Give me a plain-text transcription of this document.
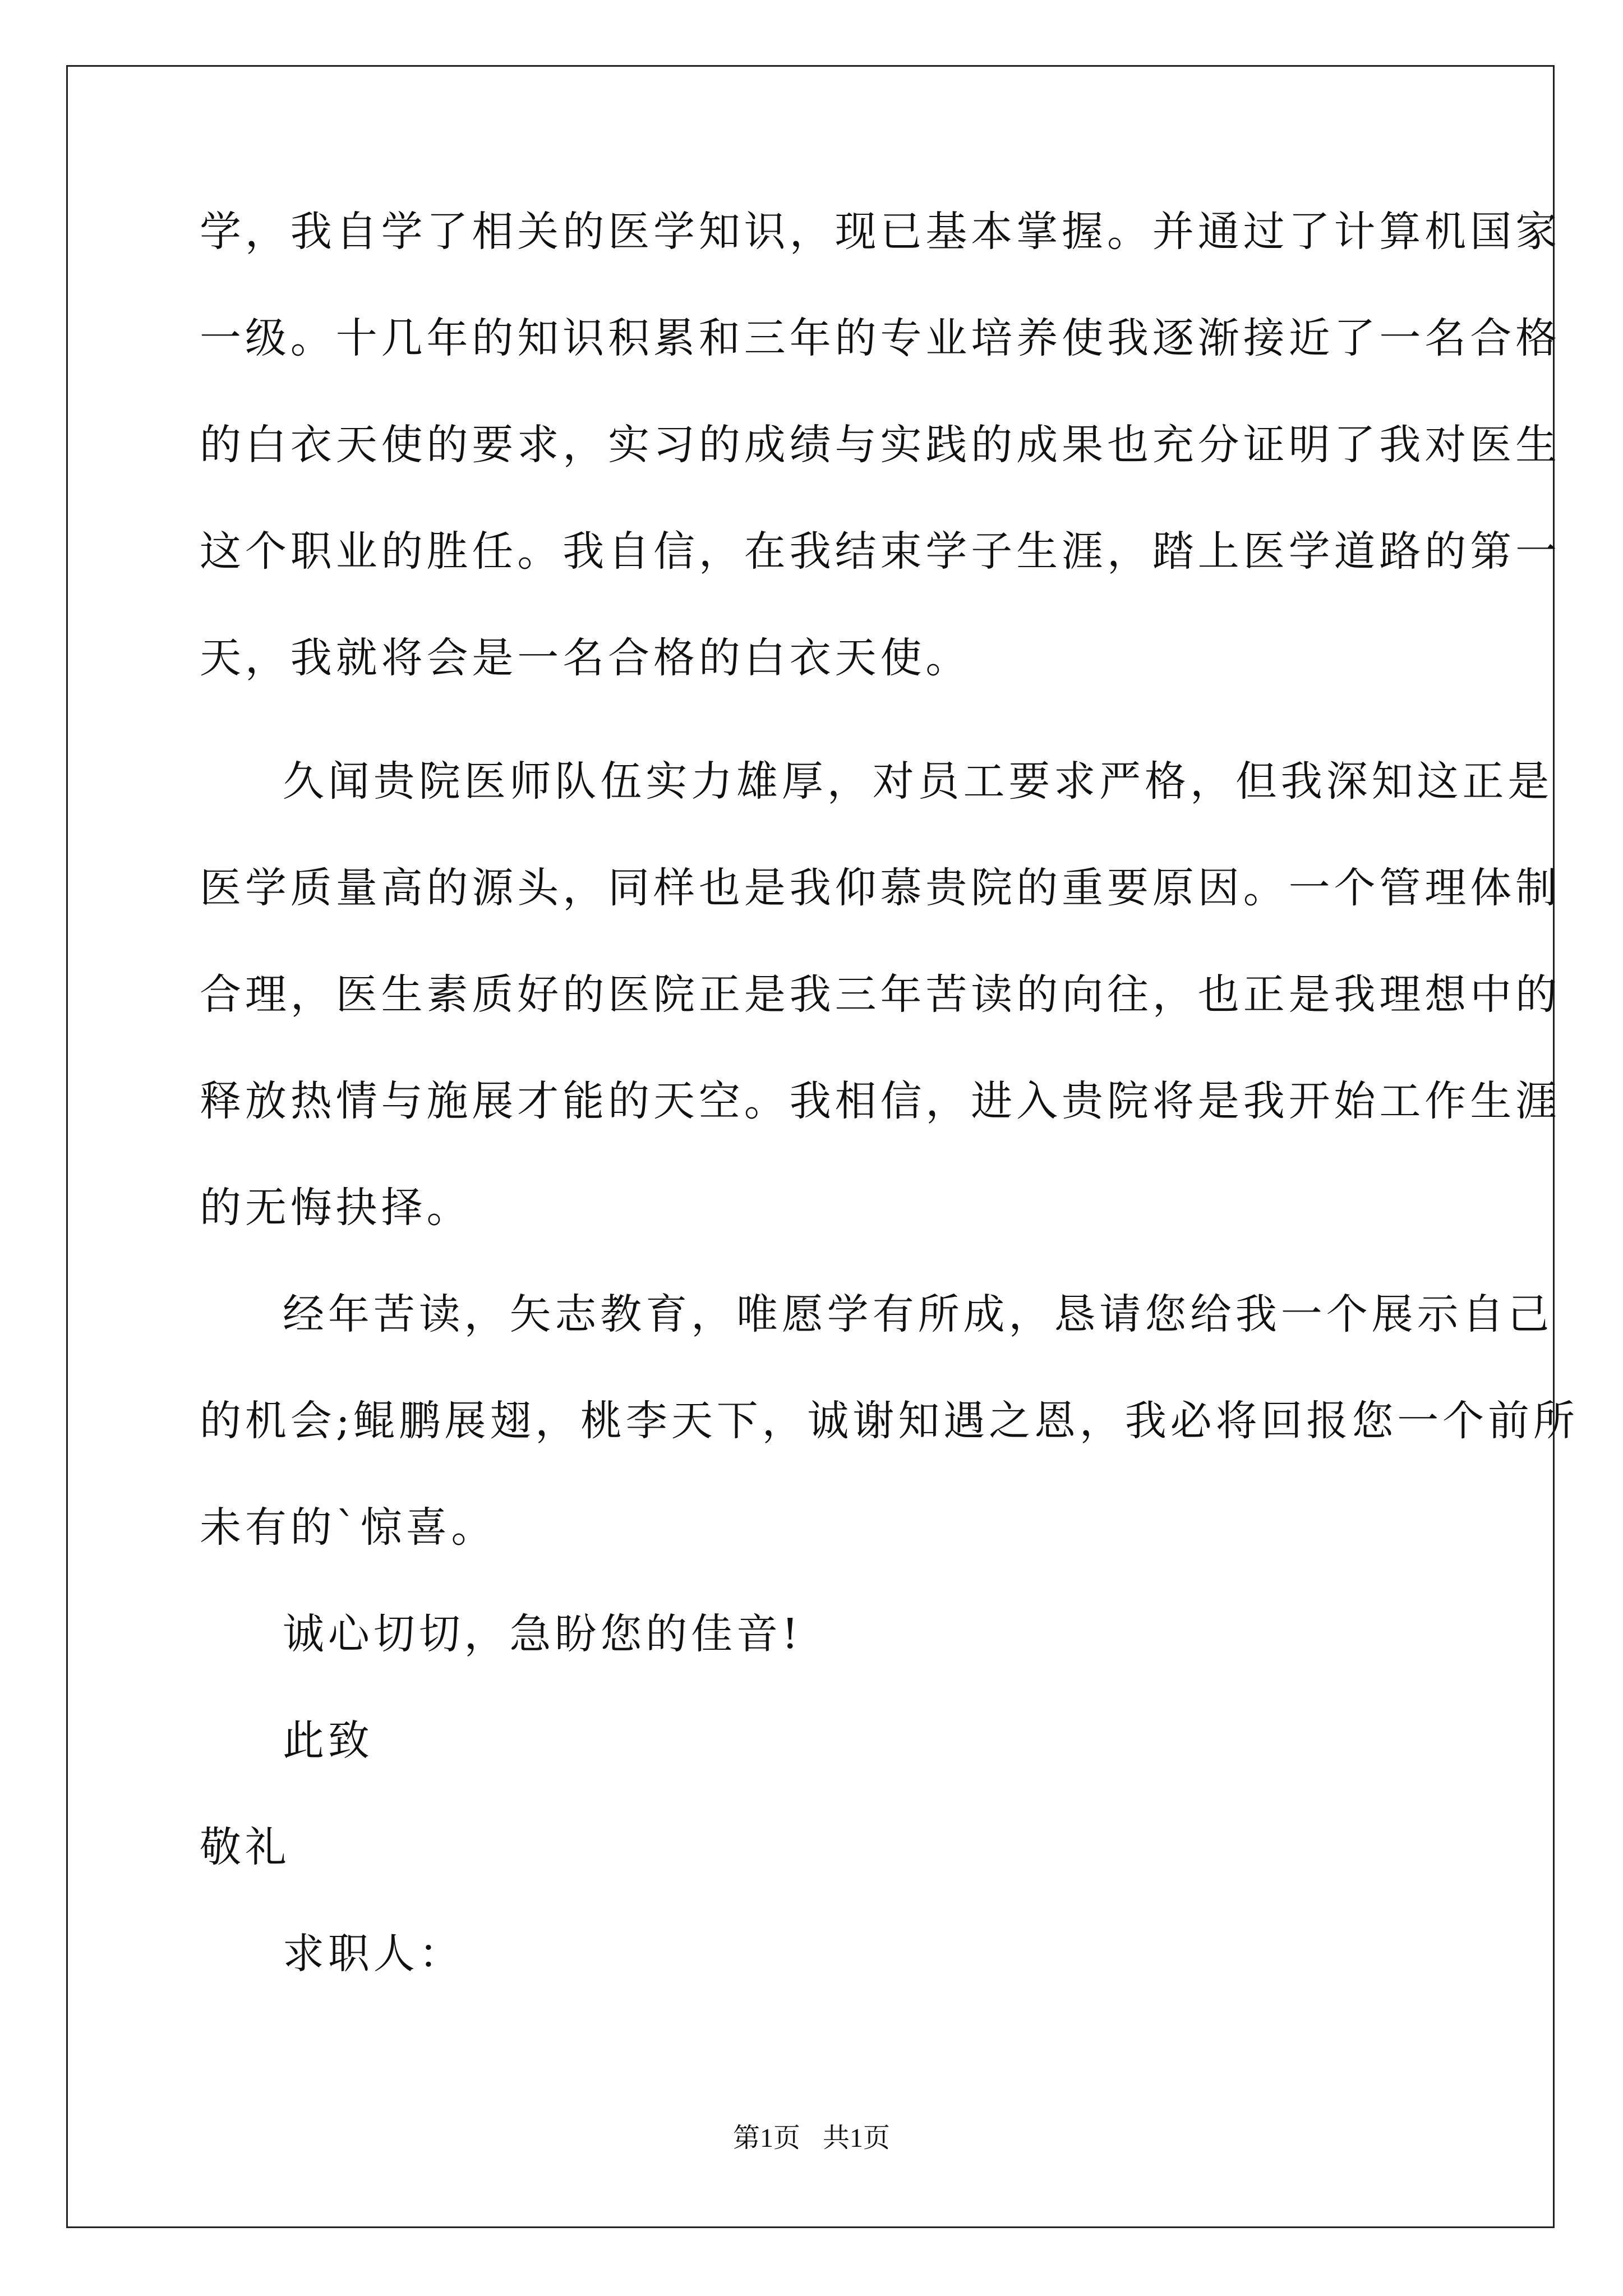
学，我自学了相关的医学知识，现已基本掌握。并通过了计算机国家
一级。十几年的知识积累和三年的专业培养使我逐渐接近了一名合格
的白衣天使的要求，实习的成绩与实践的成果也充分证明了我对医生
这个职业的胜任。我自信，在我结束学子生涯，踏上医学道路的第一
天，我就将会是一名合格的白衣天使。
久闻贵院医师队伍实力雄厚，对员工要求严格，但我深知这正是
医学质量高的源头，同样也是我仰慕贵院的重要原因。一个管理体制
合理，医生素质好的医院正是我三年苦读的向往，也正是我理想中的
释放热情与施展才能的天空。我相信，进入贵院将是我开始工作生涯
的无悔抉择。
经年苦读，矢志教育，唯愿学有所成，恳请您给我一个展示自己
的机会;鲲鹏展翅，桃李天下，诚谢知遇之恩，我必将回报您一个前所
未有的`惊喜。
诚心切切，急盼您的佳音!
此致
敬礼
求职人：
第1页 共1页
